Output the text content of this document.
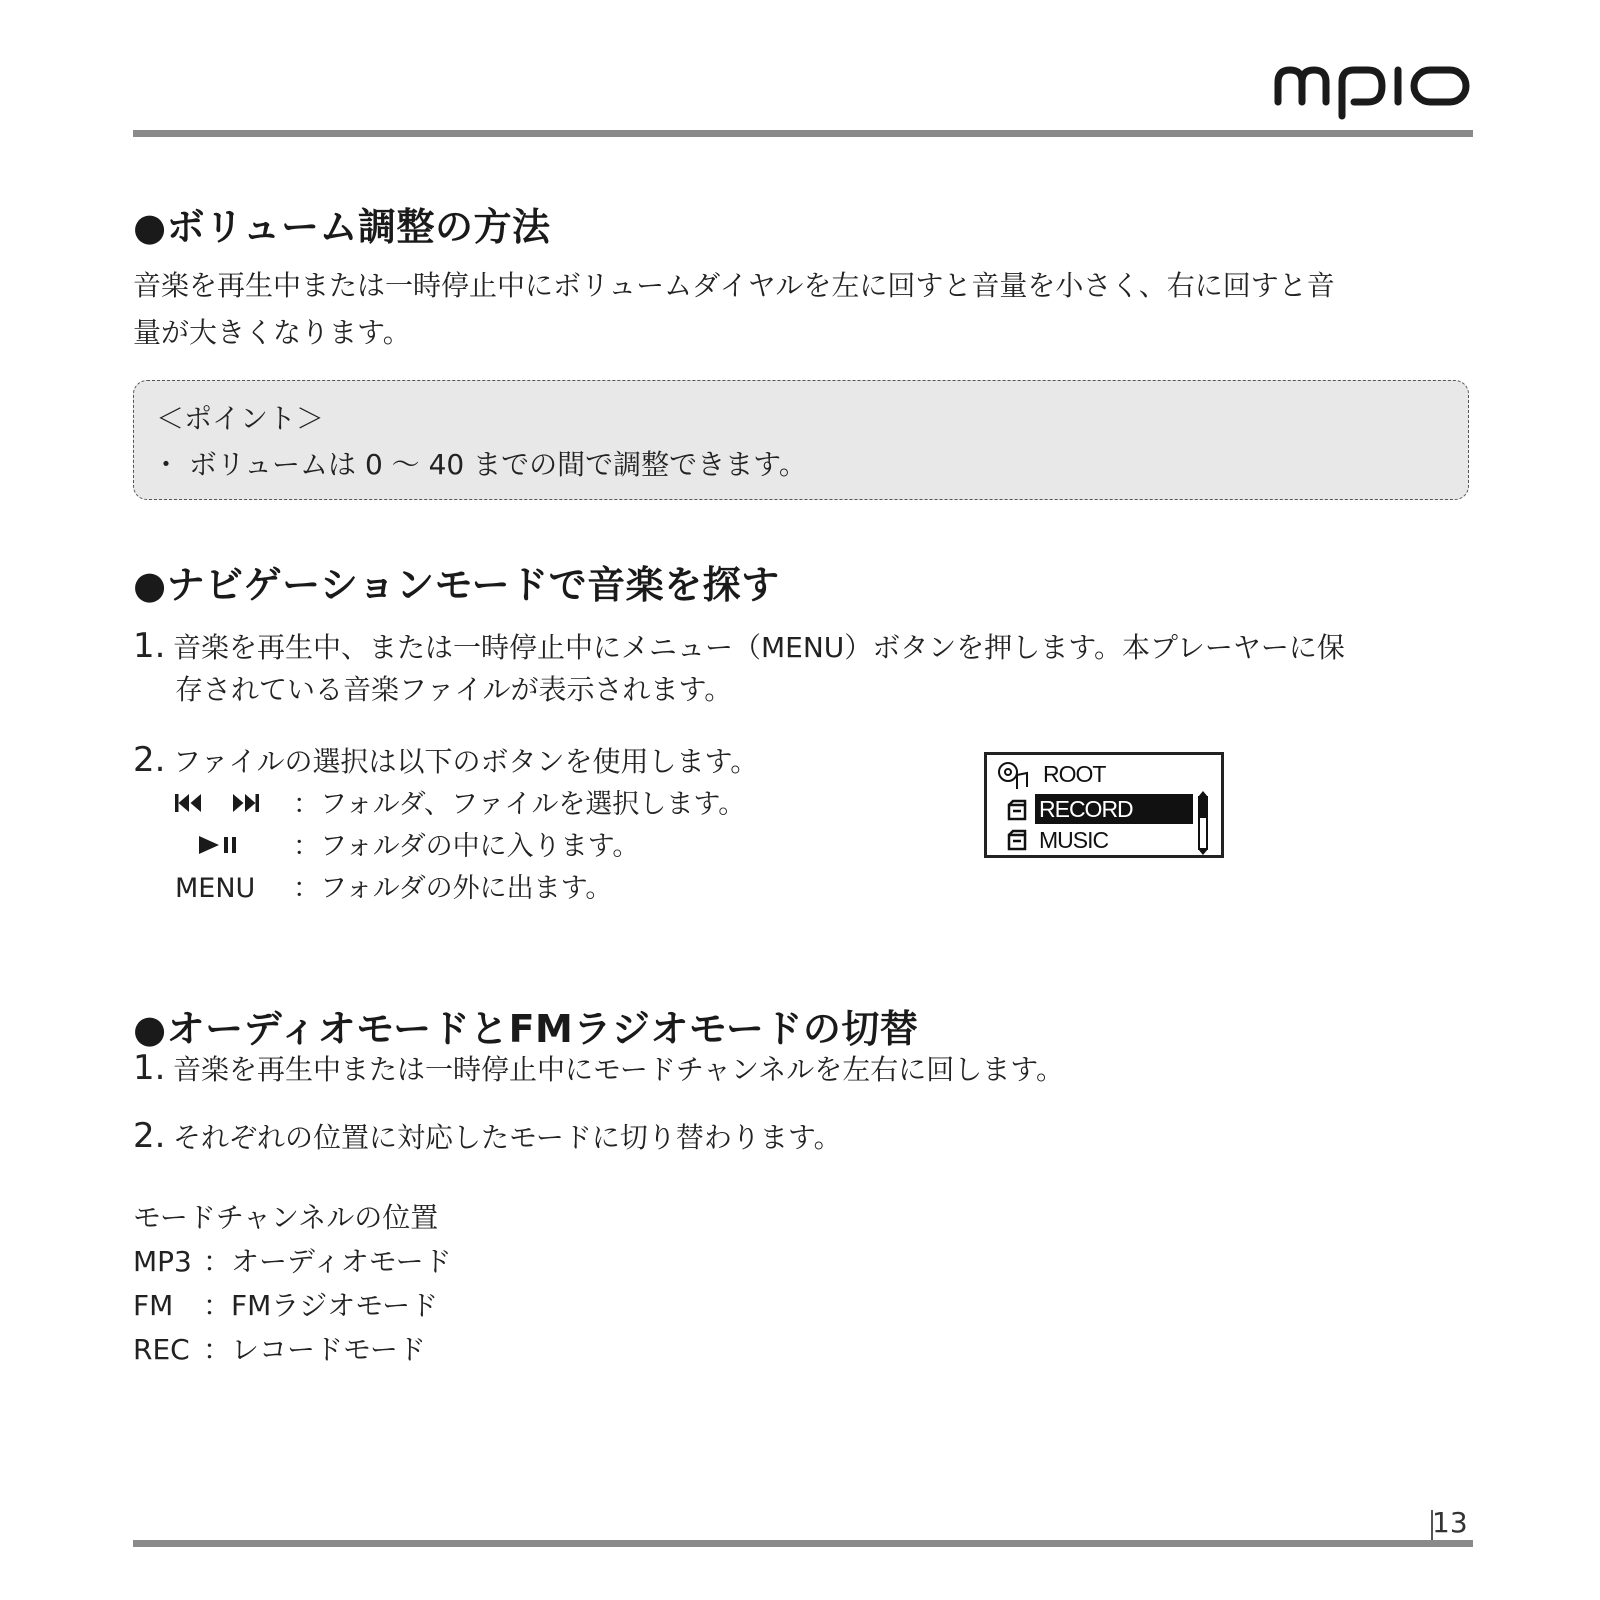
●ボリューム調整の方法
音楽を再生中または一時停止中にボリュームダイヤルを左に回すと音量を小さく、右に回すと音
量が大きくなります。
＜ポイント＞
・ ボリュームは 0 〜 40 までの間で調整できます。
●ナビゲーションモードで音楽を探す
1. 音楽を再生中、または一時停止中にメニュー（MENU）ボタンを押します。本プレーヤーに保
存されている音楽ファイルが表示されます。
2. ファイルの選択は以下のボタンを使用します。
：フォルダ、ファイルを選択します。
：フォルダの中に入ります。
MENU ：フォルダの外に出ます。
ROOT
RECORD
MUSIC
●オーディオモードとFMラジオモードの切替
1. 音楽を再生中または一時停止中にモードチャンネルを左右に回します。
2. それぞれの位置に対応したモードに切り替わります。
モードチャンネルの位置
MP3 ：オーディオモード
FM ：FMラジオモード
REC ：レコードモード
13
